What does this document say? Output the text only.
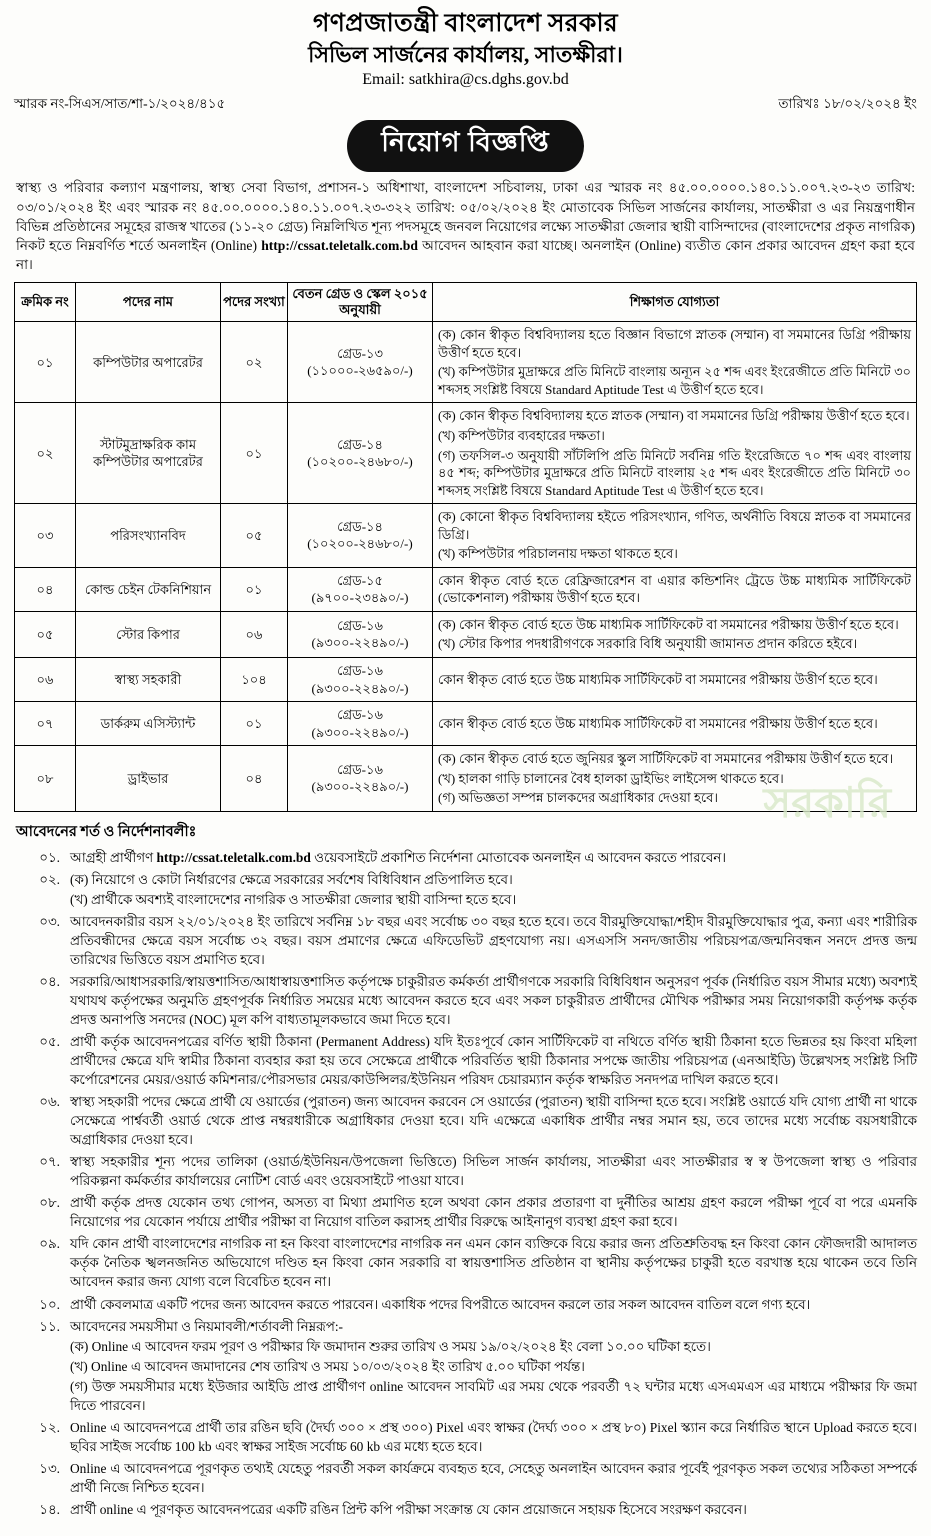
গণপ্রজাতন্ত্রী বাংলাদেশ সরকার
সিভিল সার্জনের কার্যালয়, সাতক্ষীরা।
Email: satkhira@cs.dghs.gov.bd
স্মারক নং-সিএস/সাত/শা-১/২০২৪/৪১৫	তারিখঃ ১৮/০২/২০২৪ ইং
নিয়োগ বিজ্ঞপ্তি
স্বাস্থ্য ও পরিবার কল্যাণ মন্ত্রণালয়, স্বাস্থ্য সেবা বিভাগ, প্রশাসন-১ অধিশাখা, বাংলাদেশ সচিবালয়, ঢাকা এর স্মারক নং ৪৫.০০.০০০০.১৪০.১১.০০৭.২৩-২৩ তারিখ: ০৩/০১/২০২৪ ইং এবং স্মারক নং ৪৫.০০.০০০০.১৪০.১১.০০৭.২৩-৩২২ তারিখ: ০৫/০২/২০২৪ ইং মোতাবেক সিভিল সার্জনের কার্যালয়, সাতক্ষীরা ও এর নিয়ন্ত্রণাধীন বিভিন্ন প্রতিষ্ঠানের সমূহের রাজস্ব খাতের (১১-২০ গ্রেড) নিম্নলিখিত শূন্য পদসমূহে জনবল নিয়োগের লক্ষ্যে সাতক্ষীরা জেলার স্থায়ী বাসিন্দাদের (বাংলাদেশের প্রকৃত নাগরিক) নিকট হতে নিম্নবর্ণিত শর্তে অনলাইন (Online) http://cssat.teletalk.com.bd আবেদন আহবান করা যাচ্ছে। অনলাইন (Online) ব্যতীত কোন প্রকার আবেদন গ্রহণ করা হবে না।
ক্রমিক নং	পদের নাম	পদের সংখ্যা	বেতন গ্রেড ও স্কেল ২০১৫ অনুযায়ী	শিক্ষাগত যোগ্যতা
০১	কম্পিউটার অপারেটর	০২	গ্রেড-১৩
(১১০০০-২৬৫৯০/-)	(ক) কোন স্বীকৃত বিশ্ববিদ্যালয় হতে বিজ্ঞান বিভাগে স্নাতক (সম্মান) বা সমমানের ডিগ্রি পরীক্ষায় উত্তীর্ণ হতে হবে।
(খ) কম্পিউটার মুদ্রাক্ষরে প্রতি মিনিটে বাংলায় অন্যূন ২৫ শব্দ এবং ইংরেজীতে প্রতি মিনিটে ৩০ শব্দসহ সংশ্লিষ্ট বিষয়ে Standard Aptitude Test এ উত্তীর্ণ হতে হবে।

০২	স্টাটমুদ্রাক্ষরিক কাম কম্পিউটার অপারেটর	০১	গ্রেড-১৪
(১০২০০-২৪৬৮০/-)	(ক) কোন স্বীকৃত বিশ্ববিদ্যালয় হতে স্নাতক (সম্মান) বা সমমানের ডিগ্রি পরীক্ষায় উত্তীর্ণ হতে হবে।
(খ) কম্পিউটার ব্যবহারের দক্ষতা।
(গ) তফসিল-৩ অনুযায়ী সাঁটলিপি প্রতি মিনিটে সর্বনিম্ন গতি ইংরেজিতে ৭০ শব্দ এবং বাংলায় ৪৫ শব্দ; কম্পিউটার মুদ্রাক্ষরে প্রতি মিনিটে বাংলায় ২৫ শব্দ এবং ইংরেজীতে প্রতি মিনিটে ৩০ শব্দসহ সংশ্লিষ্ট বিষয়ে Standard Aptitude Test এ উত্তীর্ণ হতে হবে।

০৩	পরিসংখ্যানবিদ	০৫	গ্রেড-১৪
(১০২০০-২৪৬৮০/-)	(ক) কোনো স্বীকৃত বিশ্ববিদ্যালয় হইতে পরিসংখ্যান, গণিত, অর্থনীতি বিষয়ে স্নাতক বা সমমানের ডিগ্রি।
(খ) কম্পিউটার পরিচালনায় দক্ষতা থাকতে হবে।

০৪	কোল্ড চেইন টেকনিশিয়ান	০১	গ্রেড-১৫
(৯৭০০-২৩৪৯০/-)	কোন স্বীকৃত বোর্ড হতে রেফ্রিজারেশন বা এয়ার কন্ডিশনিং ট্রেডে উচ্চ মাধ্যমিক সার্টিফিকেট (ভোকেশনাল) পরীক্ষায় উত্তীর্ণ হতে হবে।

০৫	স্টোর কিপার	০৬	গ্রেড-১৬
(৯৩০০-২২৪৯০/-)	(ক) কোন স্বীকৃত বোর্ড হতে উচ্চ মাধ্যমিক সার্টিফিকেট বা সমমানের পরীক্ষায় উত্তীর্ণ হতে হবে।
(খ) স্টোর কিপার পদধারীগণকে সরকারি বিধি অনুযায়ী জামানত প্রদান করিতে হইবে।

০৬	স্বাস্থ্য সহকারী	১০৪	গ্রেড-১৬
(৯৩০০-২২৪৯০/-)	কোন স্বীকৃত বোর্ড হতে উচ্চ মাধ্যমিক সার্টিফিকেট বা সমমানের পরীক্ষায় উত্তীর্ণ হতে হবে।

০৭	ডার্করুম এসিস্ট্যান্ট	০১	গ্রেড-১৬
(৯৩০০-২২৪৯০/-)	কোন স্বীকৃত বোর্ড হতে উচ্চ মাধ্যমিক সার্টিফিকেট বা সমমানের পরীক্ষায় উত্তীর্ণ হতে হবে।

০৮	ড্রাইভার	০৪	গ্রেড-১৬
(৯৩০০-২২৪৯০/-)	(ক) কোন স্বীকৃত বোর্ড হতে জুনিয়র স্কুল সার্টিফিকেট বা সমমানের পরীক্ষায় উত্তীর্ণ হতে হবে।
(খ) হালকা গাড়ি চালানের বৈধ হালকা ড্রাইভিং লাইসেন্স থাকতে হবে।
(গ) অভিজ্ঞতা সম্পন্ন চালকদের অগ্রাধিকার দেওয়া হবে।
আবেদনের শর্ত ও নির্দেশনাবলীঃ
০১. আগ্রহী প্রার্থীগণ http://cssat.teletalk.com.bd ওয়েবসাইটে প্রকাশিত নির্দেশনা মোতাবেক অনলাইন এ আবেদন করতে পারবেন।
০২. (ক) নিয়োগে ও কোটা নির্ধারণের ক্ষেত্রে সরকারের সর্বশেষ বিধিবিধান প্রতিপালিত হবে।
(খ) প্রার্থীকে অবশ্যই বাংলাদেশের নাগরিক ও সাতক্ষীরা জেলার স্থায়ী বাসিন্দা হতে হবে।
০৩. আবেদনকারীর বয়স ২২/০১/২০২৪ ইং তারিখে সর্বনিম্ন ১৮ বছর এবং সর্বোচ্চ ৩০ বছর হতে হবে। তবে বীরমুক্তিযোদ্ধা/শহীদ বীরমুক্তিযোদ্ধার পুত্র, কন্যা এবং শারীরিক প্রতিবন্ধীদের ক্ষেত্রে বয়স সর্বোচ্চ ৩২ বছর। বয়স প্রমাণের ক্ষেত্রে এফিডেভিট গ্রহণযোগ্য নয়। এসএসসি সনদ/জাতীয় পরিচয়পত্র/জন্মনিবন্ধন সনদে প্রদত্ত জন্ম তারিখের ভিত্তিতে বয়স প্রমাণিত হবে।
০৪. সরকারি/আধাসরকারি/স্বায়ত্তশাসিত/আধাস্বায়ত্তশাসিত কর্তৃপক্ষে চাকুরীরত কর্মকর্তা প্রার্থীগণকে সরকারি বিধিবিধান অনুসরণ পূর্বক (নির্ধারিত বয়স সীমার মধ্যে) অবশ্যই যথাযথ কর্তৃপক্ষের অনুমতি গ্রহণপূর্বক নির্ধারিত সময়ের মধ্যে আবেদন করতে হবে এবং সকল চাকুরীরত প্রার্থীদের মৌখিক পরীক্ষার সময় নিয়োগকারী কর্তৃপক্ষ কর্তৃক প্রদত্ত অনাপত্তি সনদের (NOC) মূল কপি বাধ্যতামূলকভাবে জমা দিতে হবে।
০৫. প্রার্থী কর্তৃক আবেদনপত্রের বর্ণিত স্থায়ী ঠিকানা (Permanent Address) যদি ইতঃপূর্বে কোন সার্টিফিকেট বা নথিতে বর্ণিত স্থায়ী ঠিকানা হতে ভিন্নতর হয় কিংবা মহিলা প্রার্থীদের ক্ষেত্রে যদি স্বামীর ঠিকানা ব্যবহার করা হয় তবে সেক্ষেত্রে প্রার্থীকে পরিবর্তিত স্থায়ী ঠিকানার সপক্ষে জাতীয় পরিচয়পত্র (এনআইডি) উল্লেখসহ সংশ্লিষ্ট সিটি কর্পোরেশনের মেয়র/ওয়ার্ড কমিশনার/পৌরসভার মেয়র/কাউন্সিলর/ইউনিয়ন পরিষদ চেয়ারম্যান কর্তৃক স্বাক্ষরিত সনদপত্র দাখিল করতে হবে।
০৬. স্বাস্থ্য সহকারী পদের ক্ষেত্রে প্রার্থী যে ওয়ার্ডের (পুরাতন) জন্য আবেদন করবেন সে ওয়ার্ডের (পুরাতন) স্থায়ী বাসিন্দা হতে হবে। সংশ্লিষ্ট ওয়ার্ডে যদি যোগ্য প্রার্থী না থাকে সেক্ষেত্রে পার্শ্ববর্তী ওয়ার্ড থেকে প্রাপ্ত নম্বরধারীকে অগ্রাধিকার দেওয়া হবে। যদি এক্ষেত্রে একাধিক প্রার্থীর নম্বর সমান হয়, তবে তাদের মধ্যে সর্বোচ্চ বয়সধারীকে অগ্রাধিকার দেওয়া হবে।
০৭. স্বাস্থ্য সহকারীর শূন্য পদের তালিকা (ওয়ার্ড/ইউনিয়ন/উপজেলা ভিত্তিতে) সিভিল সার্জন কার্যালয়, সাতক্ষীরা এবং সাতক্ষীরার স্ব স্ব উপজেলা স্বাস্থ্য ও পরিবার পরিকল্পনা কর্মকর্তার কার্যালয়ের নোটিশ বোর্ড এবং ওয়েবসাইটে পাওয়া যাবে।
০৮. প্রার্থী কর্তৃক প্রদত্ত যেকোন তথ্য গোপন, অসত্য বা মিথ্যা প্রমাণিত হলে অথবা কোন প্রকার প্রতারণা বা দুর্নীতির আশ্রয় গ্রহণ করলে পরীক্ষা পূর্বে বা পরে এমনকি নিয়োগের পর যেকোন পর্যায়ে প্রার্থীর পরীক্ষা বা নিয়োগ বাতিল করাসহ প্রার্থীর বিরুদ্ধে আইনানুগ ব্যবস্থা গ্রহণ করা হবে।
০৯. যদি কোন প্রার্থী বাংলাদেশের নাগরিক না হন কিংবা বাংলাদেশের নাগরিক নন এমন কোন ব্যক্তিকে বিয়ে করার জন্য প্রতিশ্রুতিবদ্ধ হন কিংবা কোন ফৌজদারী আদালত কর্তৃক নৈতিক স্খলনজনিত অভিযোগে দণ্ডিত হন কিংবা কোন সরকারি বা স্বায়ত্তশাসিত প্রতিষ্ঠান বা স্থানীয় কর্তৃপক্ষের চাকুরী হতে বরখাস্ত হয়ে থাকেন তবে তিনি আবেদন করার জন্য যোগ্য বলে বিবেচিত হবেন না।
১০. প্রার্থী কেবলমাত্র একটি পদের জন্য আবেদন করতে পারবেন। একাধিক পদের বিপরীতে আবেদন করলে তার সকল আবেদন বাতিল বলে গণ্য হবে।
১১. আবেদনের সময়সীমা ও নিয়মাবলী/শর্তাবলী নিম্নরূপ:-
(ক) Online এ আবেদন ফরম পূরণ ও পরীক্ষার ফি জমাদান শুরুর তারিখ ও সময় ১৯/০২/২০২৪ ইং বেলা ১০.০০ ঘটিকা হতে।
(খ) Online এ আবেদন জমাদানের শেষ তারিখ ও সময় ১০/০৩/২০২৪ ইং তারিখ ৫.০০ ঘটিকা পর্যন্ত।
(গ) উক্ত সময়সীমার মধ্যে ইউজার আইডি প্রাপ্ত প্রার্থীগণ online আবেদন সাবমিট এর সময় থেকে পরবর্তী ৭২ ঘন্টার মধ্যে এসএমএস এর মাধ্যমে পরীক্ষার ফি জমা দিতে পারবেন।
১২. Online এ আবেদনপত্রে প্রার্থী তার রঙিন ছবি (দৈর্ঘ্য ৩০০ × প্রস্থ ৩০০) Pixel এবং স্বাক্ষর (দৈর্ঘ্য ৩০০ × প্রস্থ ৮০) Pixel স্ক্যান করে নির্ধারিত স্থানে Upload করতে হবে। ছবির সাইজ সর্বোচ্চ 100 kb এবং স্বাক্ষর সাইজ সর্বোচ্চ 60 kb এর মধ্যে হতে হবে।
১৩. Online এ আবেদনপত্রে পূরণকৃত তথ্যই যেহেতু পরবর্তী সকল কার্যক্রমে ব্যবহৃত হবে, সেহেতু অনলাইন আবেদন করার পূর্বেই পূরণকৃত সকল তথ্যের সঠিকতা সম্পর্কে প্রার্থী নিজে নিশ্চিত হবেন।
১৪. প্রার্থী online এ পূরণকৃত আবেদনপত্রের একটি রঙিন প্রিন্ট কপি পরীক্ষা সংক্রান্ত যে কোন প্রয়োজনে সহায়ক হিসেবে সংরক্ষণ করবেন।
সরকারি
